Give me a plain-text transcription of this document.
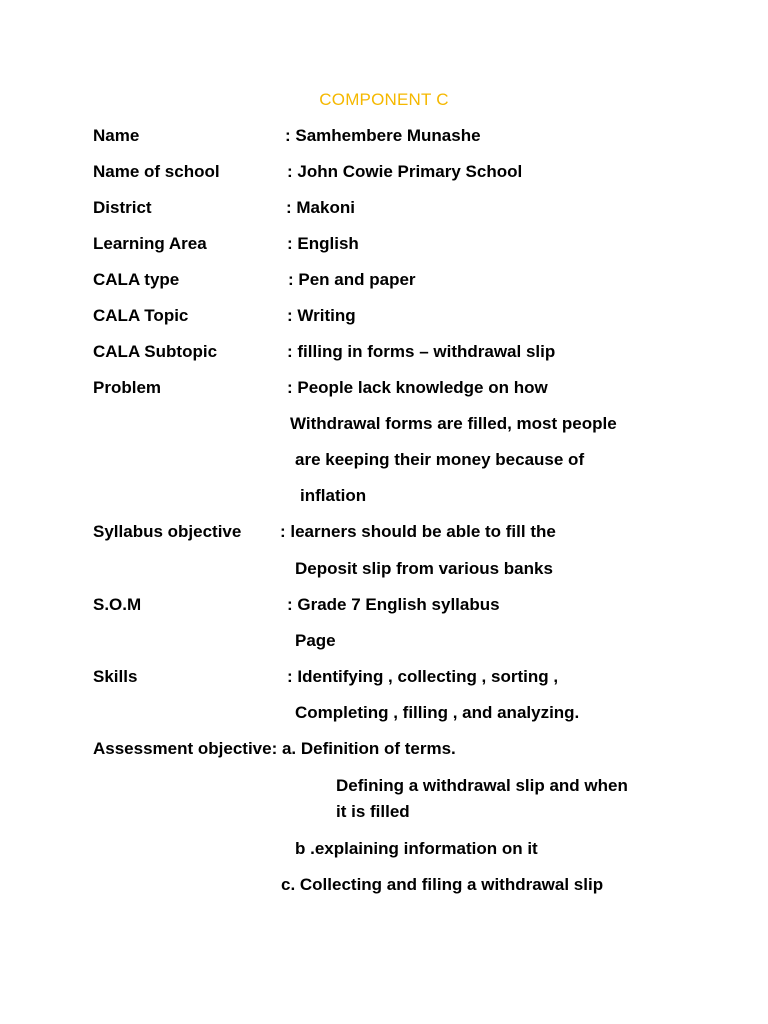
COMPONENT C
Name	: Samhembere Munashe
Name of school	: John Cowie Primary School
District	: Makoni
Learning Area	: English
CALA type	: Pen and paper
CALA Topic	: Writing
CALA Subtopic	: filling in forms – withdrawal slip
Problem	: People lack knowledge on how
Withdrawal forms are filled, most people
are keeping their money because of
inflation
Syllabus objective : learners should be able to fill the
Deposit slip from various banks
S.O.M	: Grade 7 English syllabus
Page
Skills	: Identifying , collecting , sorting ,
Completing , filling , and analyzing.
Assessment objective: a. Definition of terms.
Defining a withdrawal slip and when
it is filled
b .explaining information on it
c. Collecting and filing a withdrawal slip
